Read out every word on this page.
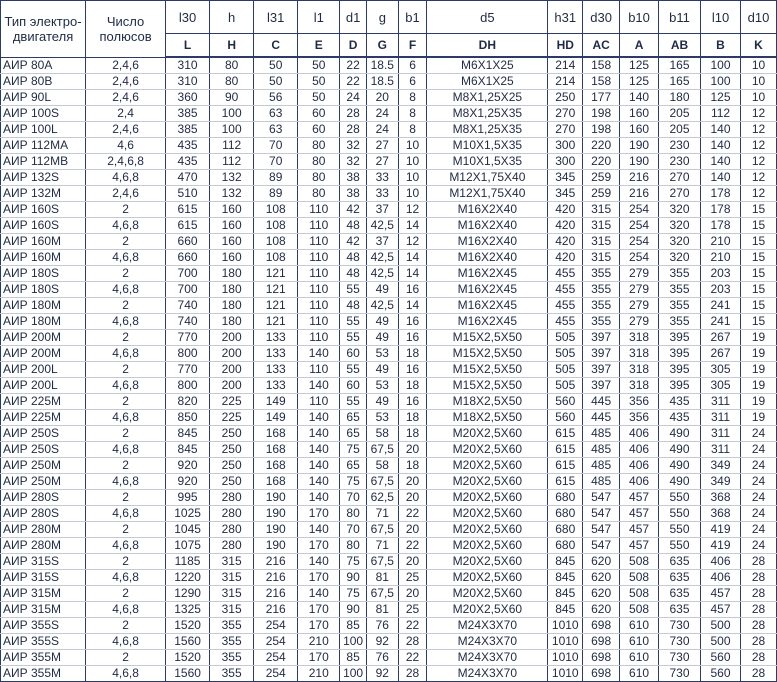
Тип электро-двигателя	Число полюсов	l30	h	l31	l1	d1	g	b1	d5	h31	d30	b10	b11	l10	d10
		L	H	C	E	D	G	F	DH	HD	AC	A	AB	B	K
АИР 80А	2,4,6	310	80	50	50	22	18.5	6	M6X1X25	214	158	125	165	100	10
АИР 80В	2,4,6	310	80	50	50	22	18.5	6	M6X1X25	214	158	125	165	100	10
АИР 90L	2,4,6	360	90	56	50	24	20	8	M8X1,25X25	250	177	140	180	125	10
АИР 100S	2,4	385	100	63	60	28	24	8	M8X1,25X35	270	198	160	205	112	12
АИР 100L	2,4,6	385	100	63	60	28	24	8	M8X1,25X35	270	198	160	205	140	12
АИР 112МА	4,6	435	112	70	80	32	27	10	M10X1,5X35	300	220	190	230	140	12
АИР 112МВ	2,4,6,8	435	112	70	80	32	27	10	M10X1,5X35	300	220	190	230	140	12
АИР 132S	4,6,8	470	132	89	80	38	33	10	M12X1,75X40	345	259	216	270	140	12
АИР 132М	2,4,6	510	132	89	80	38	33	10	M12X1,75X40	345	259	216	270	178	12
АИР 160S	2	615	160	108	110	42	37	12	M16X2X40	420	315	254	320	178	15
АИР 160S	4,6,8	615	160	108	110	48	42,5	14	M16X2X40	420	315	254	320	178	15
АИР 160М	2	660	160	108	110	42	37	12	M16X2X40	420	315	254	320	210	15
АИР 160М	4,6,8	660	160	108	110	48	42,5	14	M16X2X40	420	315	254	320	210	15
АИР 180S	2	700	180	121	110	48	42,5	14	M16X2X45	455	355	279	355	203	15
АИР 180S	4,6,8	700	180	121	110	55	49	16	M16X2X45	455	355	279	355	203	15
АИР 180М	2	740	180	121	110	48	42,5	14	M16X2X45	455	355	279	355	241	15
АИР 180М	4,6,8	740	180	121	110	55	49	16	M16X2X45	455	355	279	355	241	15
АИР 200М	2	770	200	133	110	55	49	16	M15X2,5X50	505	397	318	395	267	19
АИР 200М	4,6,8	800	200	133	140	60	53	18	M15X2,5X50	505	397	318	395	267	19
АИР 200L	2	770	200	133	110	55	49	16	M15X2,5X50	505	397	318	395	305	19
АИР 200L	4,6,8	800	200	133	140	60	53	18	M15X2,5X50	505	397	318	395	305	19
АИР 225М	2	820	225	149	110	55	49	16	M18X2,5X50	560	445	356	435	311	19
АИР 225М	4,6,8	850	225	149	140	65	53	18	M18X2,5X50	560	445	356	435	311	19
АИР 250S	2	845	250	168	140	65	58	18	M20X2,5X60	615	485	406	490	311	24
АИР 250S	4,6,8	845	250	168	140	75	67,5	20	M20X2,5X60	615	485	406	490	311	24
АИР 250М	2	920	250	168	140	65	58	18	M20X2,5X60	615	485	406	490	349	24
АИР 250М	4,6,8	920	250	168	140	75	67,5	20	M20X2,5X60	615	485	406	490	349	24
АИР 280S	2	995	280	190	140	70	62,5	20	M20X2,5X60	680	547	457	550	368	24
АИР 280S	4,6,8	1025	280	190	170	80	71	22	M20X2,5X60	680	547	457	550	368	24
АИР 280М	2	1045	280	190	140	70	67,5	20	M20X2,5X60	680	547	457	550	419	24
АИР 280М	4,6,8	1075	280	190	170	80	71	22	M20X2,5X60	680	547	457	550	419	24
АИР 315S	2	1185	315	216	140	75	67,5	20	M20X2,5X60	845	620	508	635	406	28
АИР 315S	4,6,8	1220	315	216	170	90	81	25	M20X2,5X60	845	620	508	635	406	28
АИР 315М	2	1290	315	216	140	75	67,5	20	M20X2,5X60	845	620	508	635	457	28
АИР 315М	4,6,8	1325	315	216	170	90	81	25	M20X2,5X60	845	620	508	635	457	28
АИР 355S	2	1520	355	254	170	85	76	22	M24X3X70	1010	698	610	730	500	28
АИР 355S	4,6,8	1560	355	254	210	100	92	28	M24X3X70	1010	698	610	730	500	28
АИР 355М	2	1520	355	254	170	85	76	22	M24X3X70	1010	698	610	730	560	28
АИР 355М	4,6,8	1560	355	254	210	100	92	28	M24X3X70	1010	698	610	730	560	28
